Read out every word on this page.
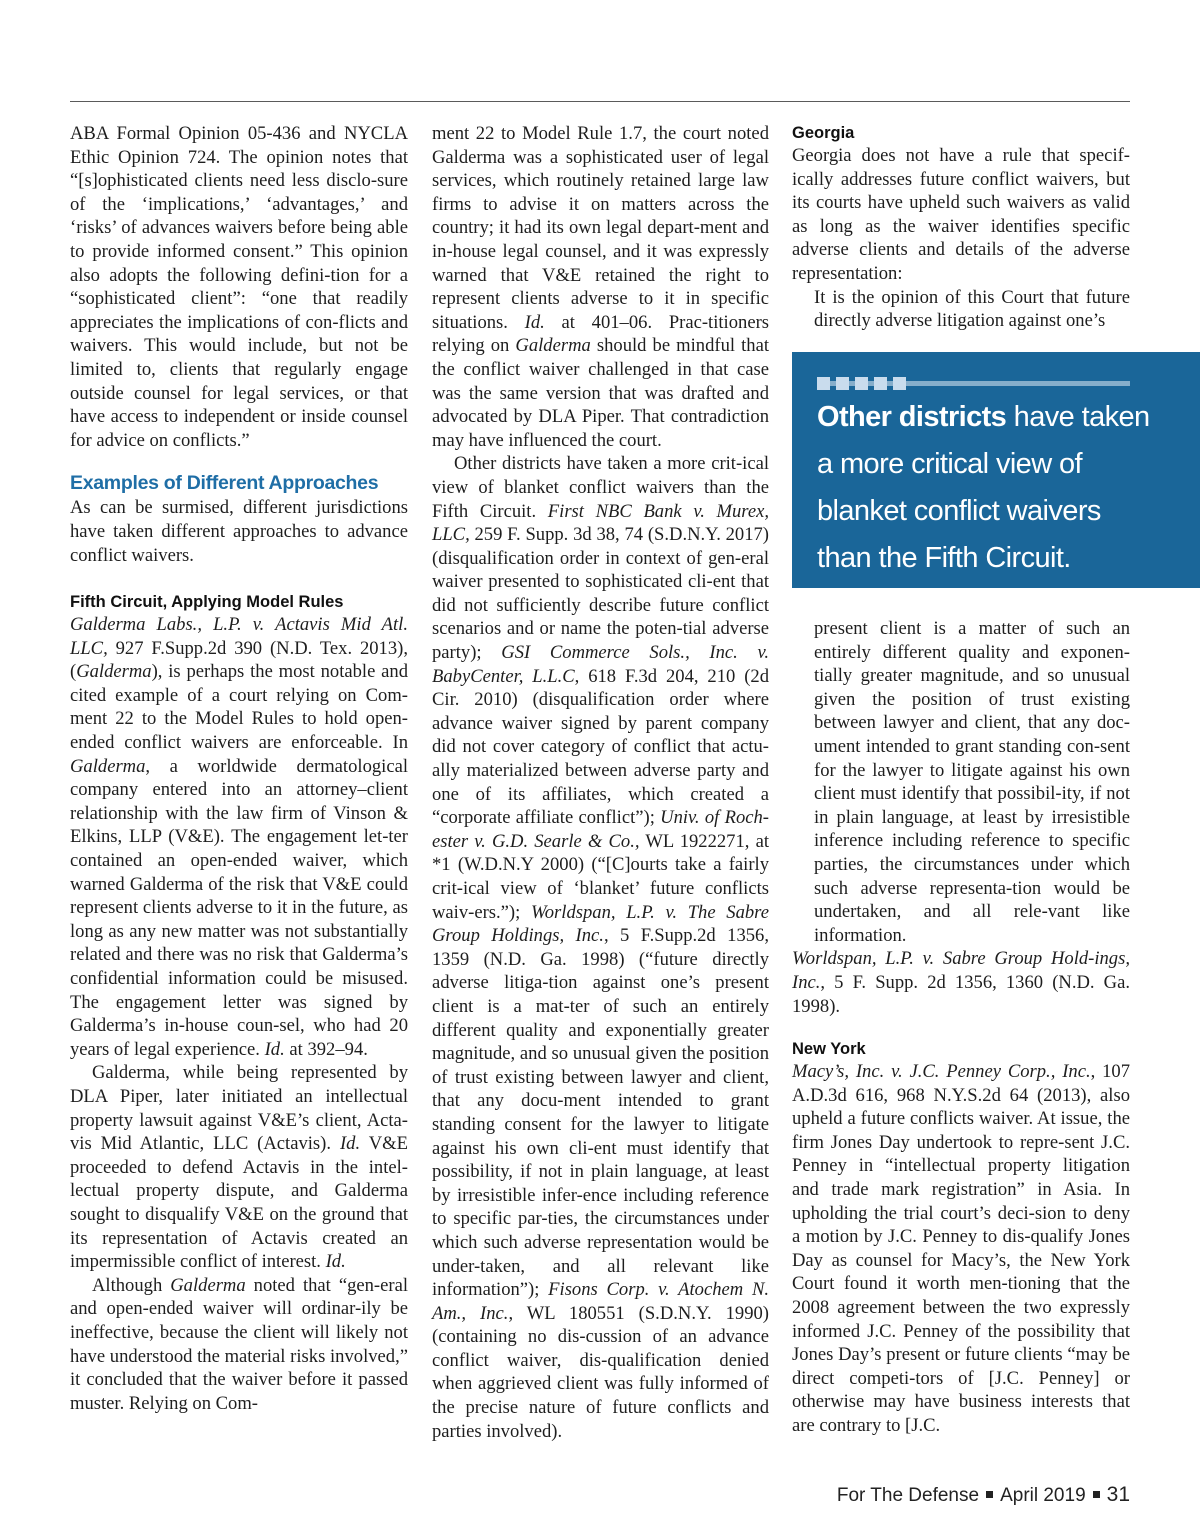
ABA Formal Opinion 05-436 and NYCLA Ethic Opinion 724. The opinion notes that “[s]ophisticated clients need less disclo-sure of the ‘implications,’ ‘advantages,’ and ‘risks’ of advances waivers before being able to provide informed consent.” This opinion also adopts the following defini-tion for a “sophisticated client”: “one that readily appreciates the implications of con-flicts and waivers. This would include, but not be limited to, clients that regularly engage outside counsel for legal services, or that have access to independent or inside counsel for advice on conflicts.”

Examples of Different Approaches

As can be surmised, different jurisdictions have taken different approaches to advance conflict waivers.

Fifth Circuit, Applying Model Rules

Galderma Labs., L.P. v. Actavis Mid Atl. LLC, 927 F.Supp.2d 390 (N.D. Tex. 2013), (Galderma), is perhaps the most notable and cited example of a court relying on Com-ment 22 to the Model Rules to hold open-ended conflict waivers are enforceable. In Galderma, a worldwide dermatological company entered into an attorney–client relationship with the law firm of Vinson & Elkins, LLP (V&E). The engagement let-ter contained an open-ended waiver, which warned Galderma of the risk that V&E could represent clients adverse to it in the future, as long as any new matter was not substantially related and there was no risk that Galderma’s confidential information could be misused. The engagement letter was signed by Galderma’s in-house coun-sel, who had 20 years of legal experience. Id. at 392–94.

Galderma, while being represented by DLA Piper, later initiated an intellectual property lawsuit against V&E’s client, Acta-vis Mid Atlantic, LLC (Actavis). Id. V&E proceeded to defend Actavis in the intel-lectual property dispute, and Galderma sought to disqualify V&E on the ground that its representation of Actavis created an impermissible conflict of interest. Id.

Although Galderma noted that “gen-eral and open-ended waiver will ordinar-ily be ineffective, because the client will likely not have understood the material risks involved,” it concluded that the waiver before it passed muster. Relying on Com-

ment 22 to Model Rule 1.7, the court noted Galderma was a sophisticated user of legal services, which routinely retained large law firms to advise it on matters across the country; it had its own legal depart-ment and in-house legal counsel, and it was expressly warned that V&E retained the right to represent clients adverse to it in specific situations. Id. at 401–06. Prac-titioners relying on Galderma should be mindful that the conflict waiver challenged in that case was the same version that was drafted and advocated by DLA Piper. That contradiction may have influenced the court.

Other districts have taken a more crit-ical view of blanket conflict waivers than the Fifth Circuit. First NBC Bank v. Murex, LLC, 259 F. Supp. 3d 38, 74 (S.D.N.Y. 2017) (disqualification order in context of gen-eral waiver presented to sophisticated cli-ent that did not sufficiently describe future conflict scenarios and or name the poten-tial adverse party); GSI Commerce Sols., Inc. v. BabyCenter, L.L.C, 618 F.3d 204, 210 (2d Cir. 2010) (disqualification order where advance waiver signed by parent company did not cover category of conflict that actu-ally materialized between adverse party and one of its affiliates, which created a “corporate affiliate conflict”); Univ. of Roch-ester v. G.D. Searle & Co., WL 1922271, at *1 (W.D.N.Y 2000) (“[C]ourts take a fairly crit-ical view of ‘blanket’ future conflicts waiv-ers.”); Worldspan, L.P. v. The Sabre Group Holdings, Inc., 5 F.Supp.2d 1356, 1359 (N.D. Ga. 1998) (“future directly adverse litiga-tion against one’s present client is a mat-ter of such an entirely different quality and exponentially greater magnitude, and so unusual given the position of trust existing between lawyer and client, that any docu-ment intended to grant standing consent for the lawyer to litigate against his own cli-ent must identify that possibility, if not in plain language, at least by irresistible infer-ence including reference to specific par-ties, the circumstances under which such adverse representation would be under-taken, and all relevant like information”); Fisons Corp. v. Atochem N. Am., Inc., WL 180551 (S.D.N.Y. 1990) (containing no dis-cussion of an advance conflict waiver, dis-qualification denied when aggrieved client was fully informed of the precise nature of future conflicts and parties involved).

Georgia

Georgia does not have a rule that specif-ically addresses future conflict waivers, but its courts have upheld such waivers as valid as long as the waiver identifies specific adverse clients and details of the adverse representation:

It is the opinion of this Court that future directly adverse litigation against one’s

Other districts have taken a more critical view of blanket conflict waivers than the Fifth Circuit.

present client is a matter of such an entirely different quality and exponen-tially greater magnitude, and so unusual given the position of trust existing between lawyer and client, that any doc-ument intended to grant standing con-sent for the lawyer to litigate against his own client must identify that possibil-ity, if not in plain language, at least by irresistible inference including reference to specific parties, the circumstances under which such adverse representa-tion would be undertaken, and all rele-vant like information.

Worldspan, L.P. v. Sabre Group Hold-ings, Inc., 5 F. Supp. 2d 1356, 1360 (N.D. Ga. 1998).

New York

Macy’s, Inc. v. J.C. Penney Corp., Inc., 107 A.D.3d 616, 968 N.Y.S.2d 64 (2013), also upheld a future conflicts waiver. At issue, the firm Jones Day undertook to repre-sent J.C. Penney in “intellectual property litigation and trade mark registration” in Asia. In upholding the trial court’s deci-sion to deny a motion by J.C. Penney to dis-qualify Jones Day as counsel for Macy’s, the New York Court found it worth men-tioning that the 2008 agreement between the two expressly informed J.C. Penney of the possibility that Jones Day’s present or future clients “may be direct competi-tors of [J.C. Penney] or otherwise may have business interests that are contrary to [J.C.

For The Defense April 2019 31
